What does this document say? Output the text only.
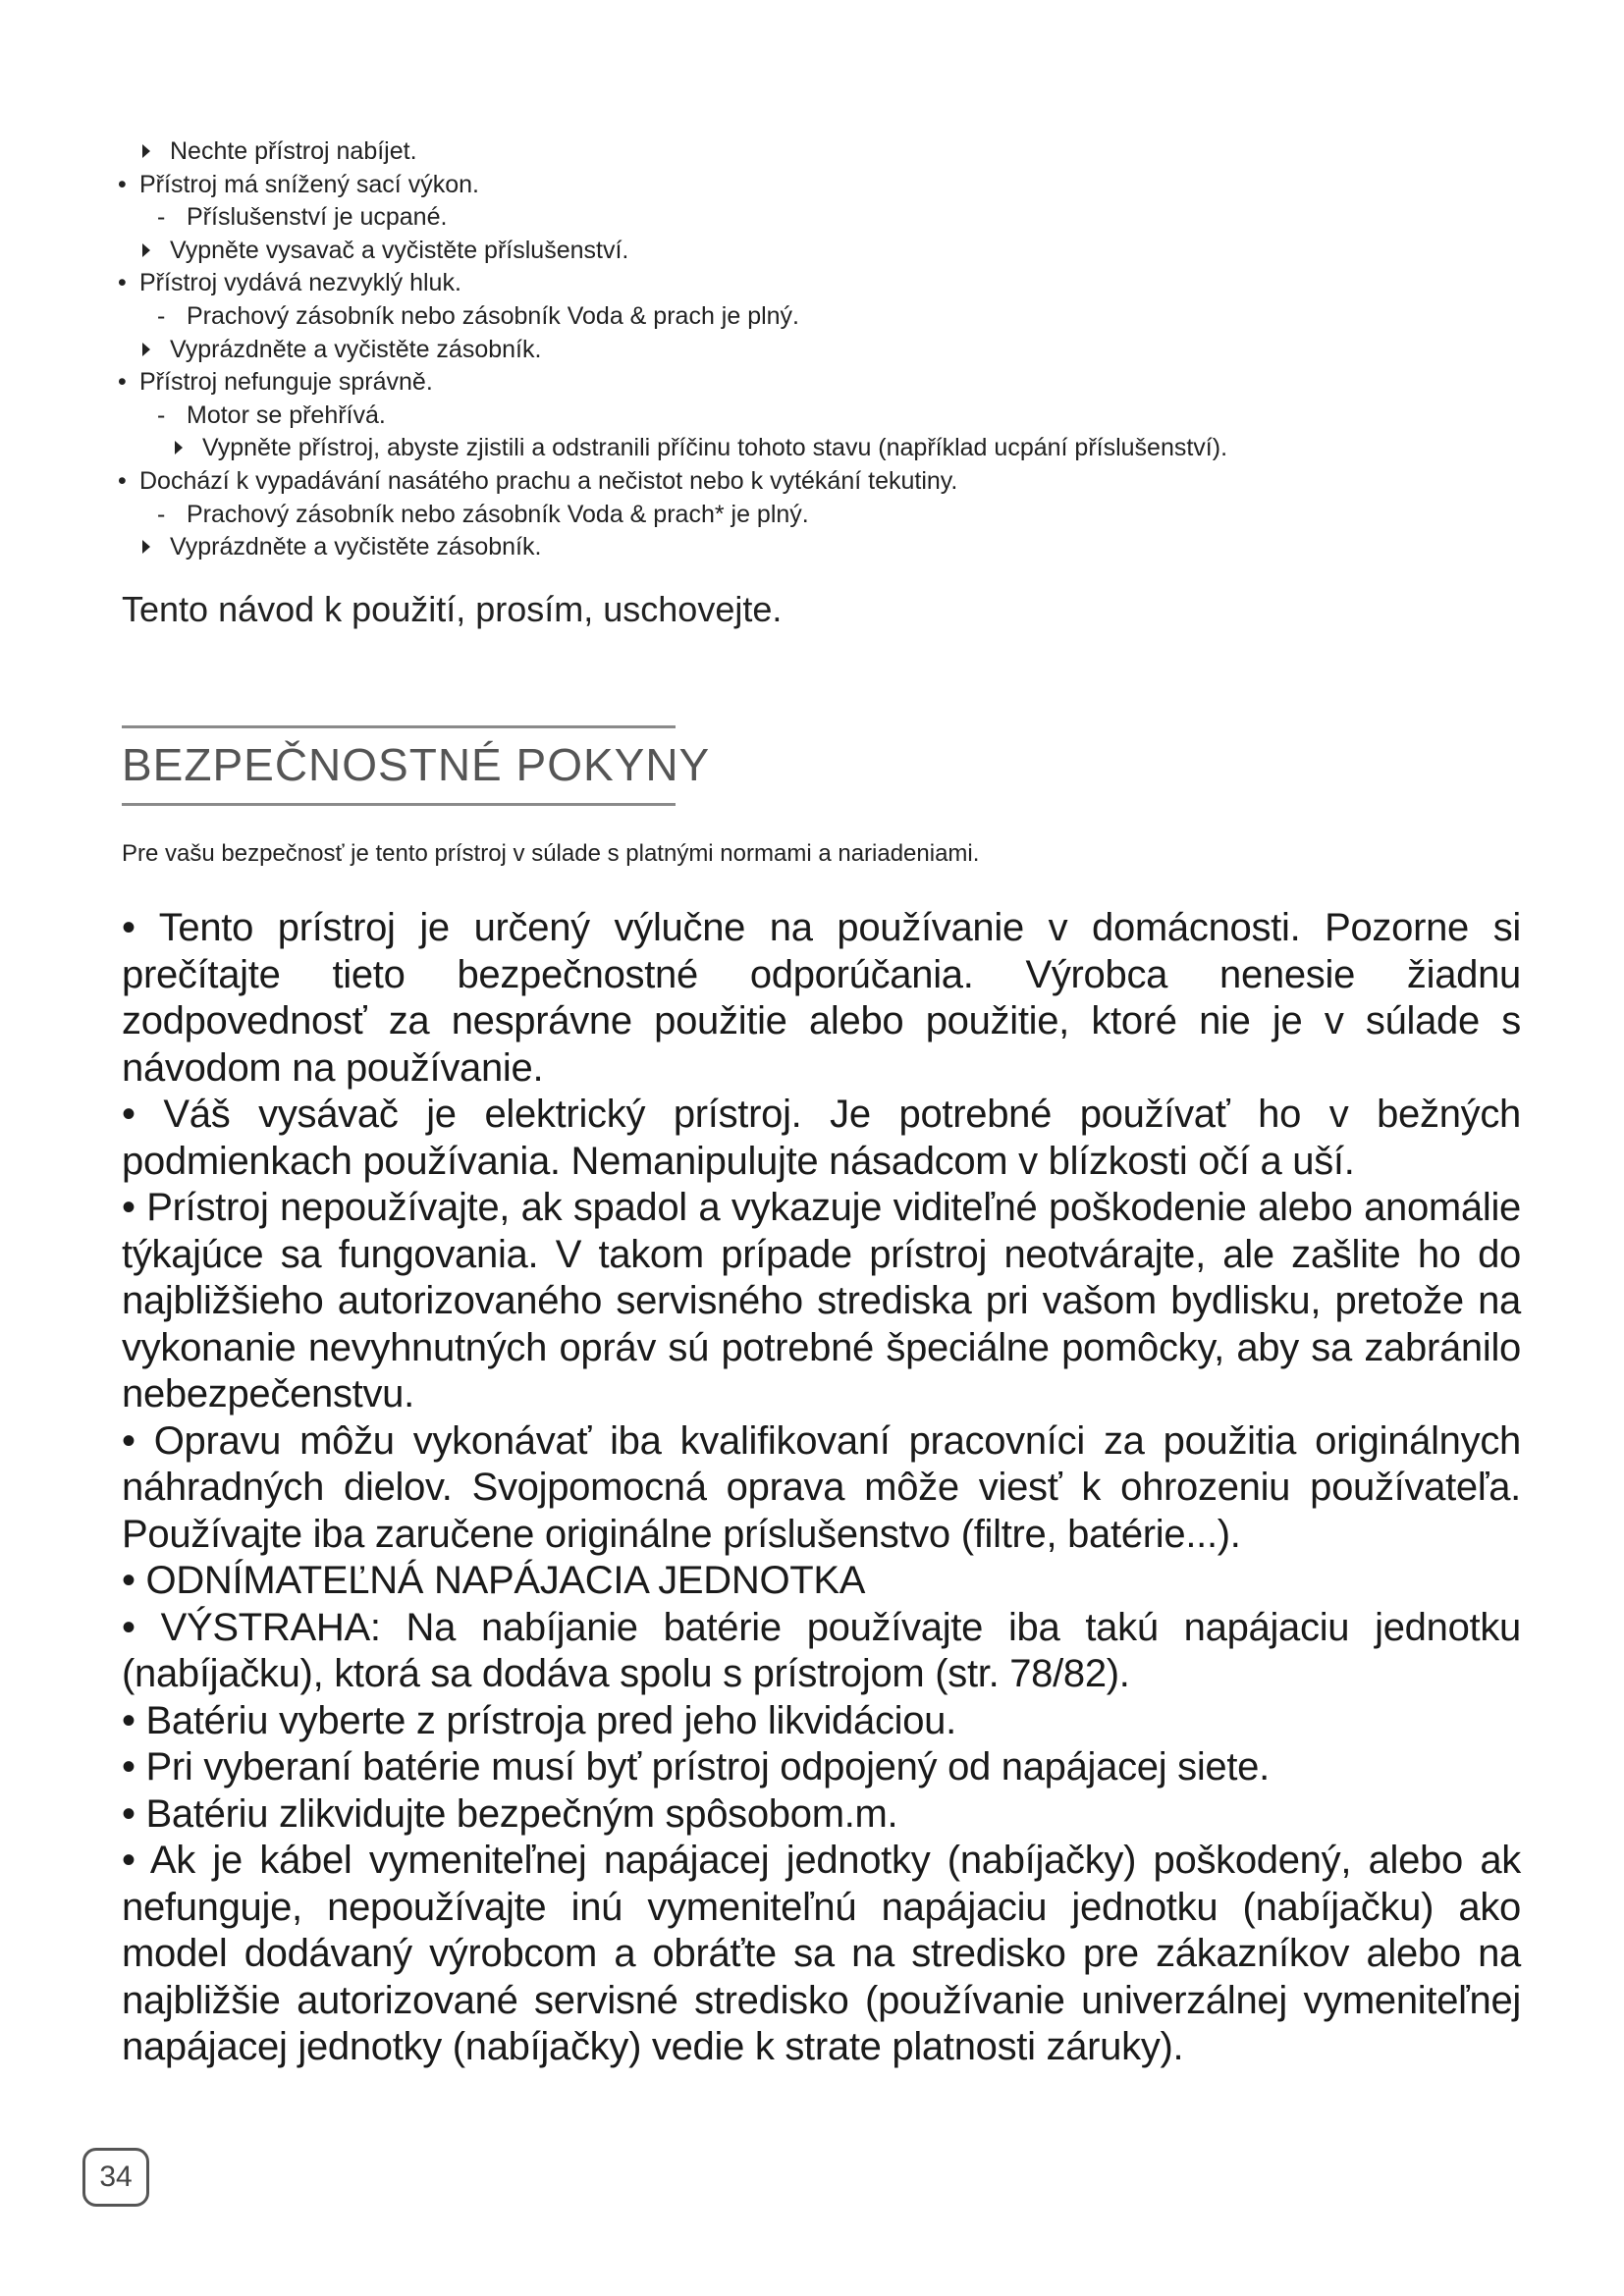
Nechte přístroj nabíjet.
• Přístroj má snížený sací výkon.
- Příslušenství je ucpané.
Vypněte vysavač a vyčistěte příslušenství.
• Přístroj vydává nezvyklý hluk.
- Prachový zásobník nebo zásobník Voda & prach je plný.
Vyprázdněte a vyčistěte zásobník.
• Přístroj nefunguje správně.
- Motor se přehřívá.
Vypněte přístroj, abyste zjistili a odstranili příčinu tohoto stavu (například ucpání příslušenství).
• Dochází k vypadávání nasátého prachu a nečistot nebo k vytékání tekutiny.
- Prachový zásobník nebo zásobník Voda & prach* je plný.
Vyprázdněte a vyčistěte zásobník.
Tento návod k použití, prosím, uschovejte.
BEZPEČNOSTNÉ POKYNY
Pre vašu bezpečnosť je tento prístroj v súlade s platnými normami a nariadeniami.
• Tento prístroj je určený výlučne na používanie v domácnosti. Pozorne si prečítajte tieto bezpečnostné odporúčania. Výrobca nenesie žiadnu zodpovednosť za nesprávne použitie alebo použitie, ktoré nie je v súlade s návodom na používanie.
• Váš vysávač je elektrický prístroj. Je potrebné používať ho v bežných podmienkach používania. Nemanipulujte násadcom v blízkosti očí a uší.
• Prístroj nepoužívajte, ak spadol a vykazuje viditeľné poškodenie alebo anomálie týkajúce sa fungovania. V takom prípade prístroj neotvárajte, ale zašlite ho do najbližšieho autorizovaného servisného strediska pri vašom bydlisku, pretože na vykonanie nevyhnutných opráv sú potrebné špeciálne pomôcky, aby sa zabránilo nebezpečenstvu.
• Opravu môžu vykonávať iba kvalifikovaní pracovníci za použitia originálnych náhradných dielov. Svojpomocná oprava môže viesť k ohrozeniu používateľa. Používajte iba zaručene originálne príslušenstvo (filtre, batérie...).
• ODNÍMATEĽNÁ NAPÁJACIA JEDNOTKA
• VÝSTRAHA: Na nabíjanie batérie používajte iba takú napájaciu jednotku (nabíjačku), ktorá sa dodáva spolu s prístrojom (str. 78/82).
• Batériu vyberte z prístroja pred jeho likvidáciou.
• Pri vyberaní batérie musí byť prístroj odpojený od napájacej siete.
• Batériu zlikvidujte bezpečným spôsobom.m.
• Ak je kábel vymeniteľnej napájacej jednotky (nabíjačky) poškodený, alebo ak nefunguje, nepoužívajte inú vymeniteľnú napájaciu jednotku (nabíjačku) ako model dodávaný výrobcom a obráťte sa na stredisko pre zákazníkov alebo na najbližšie autorizované servisné stredisko (používanie univerzálnej vymeniteľnej napájacej jednotky (nabíjačky) vedie k strate platnosti záruky).
34
